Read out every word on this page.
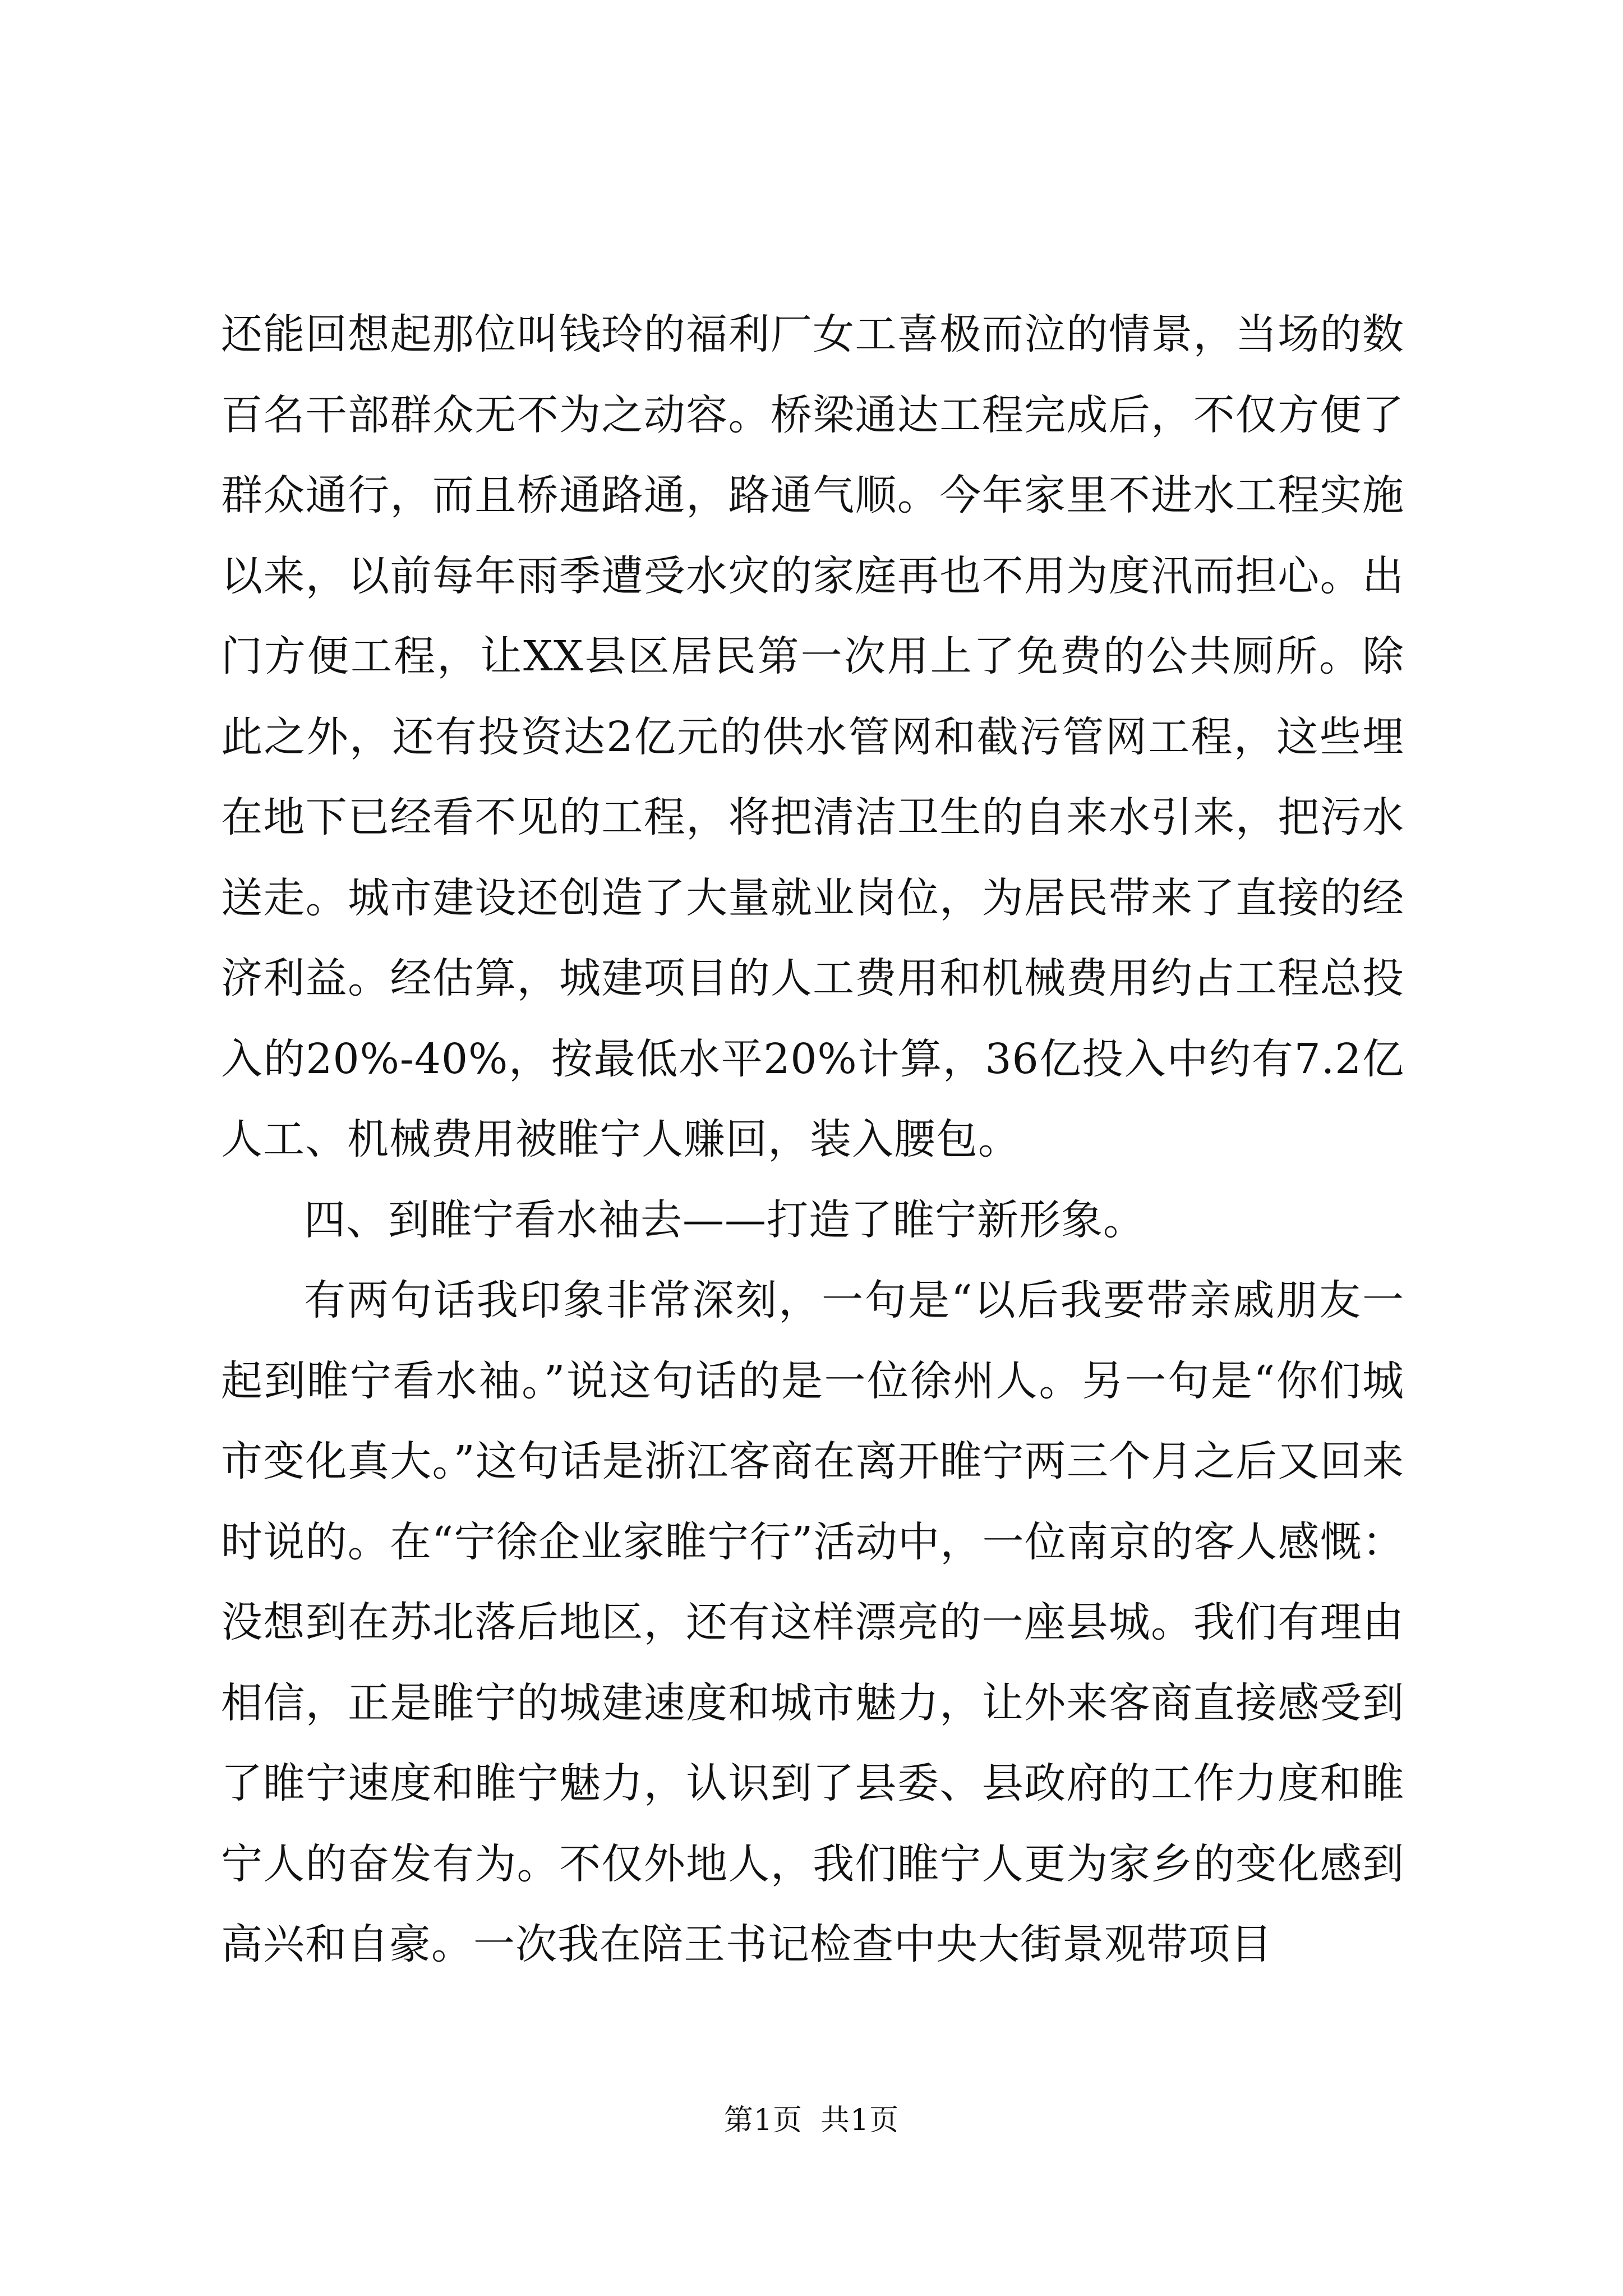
还能回想起那位叫钱玲的福利厂女工喜极而泣的情景，当场的数百名干部群众无不为之动容。桥梁通达工程完成后，不仅方便了群众通行，而且桥通路通，路通气顺。今年家里不进水工程实施以来，以前每年雨季遭受水灾的家庭再也不用为度汛而担心。出门方便工程，让XX县区居民第一次用上了免费的公共厕所。除此之外，还有投资达2亿元的供水管网和截污管网工程，这些埋在地下已经看不见的工程，将把清洁卫生的自来水引来，把污水送走。城市建设还创造了大量就业岗位，为居民带来了直接的经济利益。经估算，城建项目的人工费用和机械费用约占工程总投入的20%-40%，按最低水平20%计算，36亿投入中约有7.2亿人工、机械费用被睢宁人赚回，装入腰包。

四、到睢宁看水袖去——打造了睢宁新形象。

有两句话我印象非常深刻，一句是“以后我要带亲戚朋友一起到睢宁看水袖。”说这句话的是一位徐州人。另一句是“你们城市变化真大。”这句话是浙江客商在离开睢宁两三个月之后又回来时说的。在“宁徐企业家睢宁行”活动中，一位南京的客人感慨：没想到在苏北落后地区，还有这样漂亮的一座县城。我们有理由相信，正是睢宁的城建速度和城市魅力，让外来客商直接感受到了睢宁速度和睢宁魅力，认识到了县委、县政府的工作力度和睢宁人的奋发有为。不仅外地人，我们睢宁人更为家乡的变化感到高兴和自豪。一次我在陪王书记检查中央大街景观带项目

第1页 共1页
